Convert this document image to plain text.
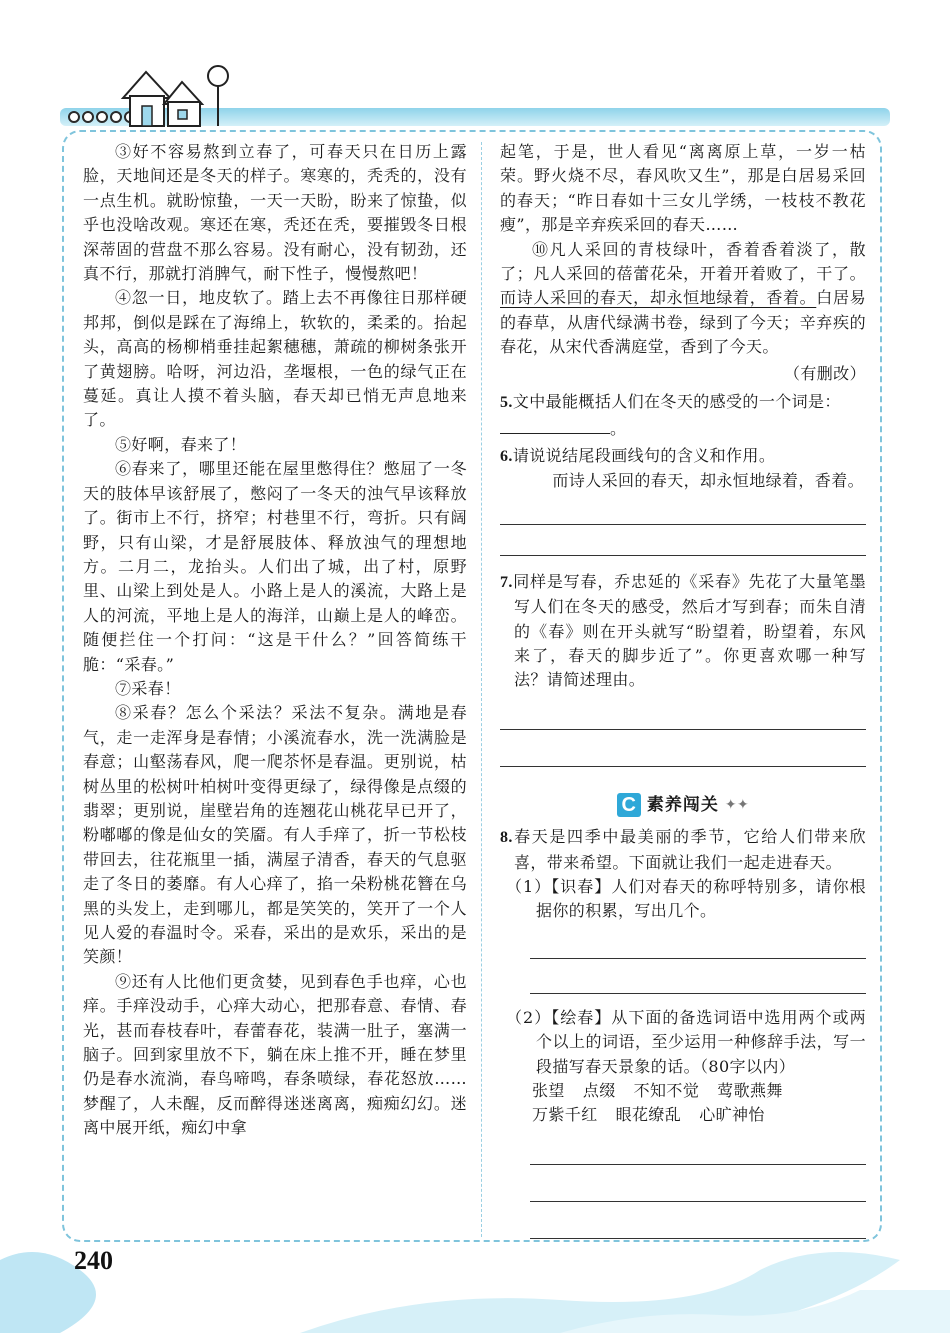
③好不容易熬到立春了，可春天只在日历上露脸，天地间还是冬天的样子。寒寒的，秃秃的，没有一点生机。就盼惊蛰，一天一天盼，盼来了惊蛰，似乎也没啥改观。寒还在寒，秃还在秃，要摧毁冬日根深蒂固的营盘不那么容易。没有耐心，没有韧劲，还真不行，那就打消脾气，耐下性子，慢慢熬吧！

④忽一日，地皮软了。踏上去不再像往日那样硬邦邦，倒似是踩在了海绵上，软软的，柔柔的。抬起头，高高的杨柳梢垂挂起絮穗穗，萧疏的柳树条张开了黄翅膀。哈呀，河边沿，垄堰根，一色的绿气正在蔓延。真让人摸不着头脑，春天却已悄无声息地来了。

⑤好啊，春来了！

⑥春来了，哪里还能在屋里憋得住？憋屈了一冬天的肢体早该舒展了，憋闷了一冬天的浊气早该释放了。街市上不行，挤窄；村巷里不行，弯折。只有阔野，只有山梁，才是舒展肢体、释放浊气的理想地方。二月二，龙抬头。人们出了城，出了村，原野里、山梁上到处是人。小路上是人的溪流，大路上是人的河流，平地上是人的海洋，山巅上是人的峰峦。随便拦住一个打问：“这是干什么？”回答简练干脆：“采春。”

⑦采春！

⑧采春？怎么个采法？采法不复杂。满地是春气，走一走浑身是春情；小溪流春水，洗一洗满脸是春意；山壑荡春风，爬一爬苶怀是春温。更别说，枯树丛里的松树叶柏树叶变得更绿了，绿得像是点缀的翡翠；更别说，崖壁岩角的连翘花山桃花早已开了，粉嘟嘟的像是仙女的笑靥。有人手痒了，折一节松枝带回去，往花瓶里一插，满屋子清香，春天的气息驱走了冬日的萎靡。有人心痒了，掐一朵粉桃花簪在乌黑的头发上，走到哪儿，都是笑笑的，笑开了一个人见人爱的春温时令。采春，采出的是欢乐，采出的是笑颜！

⑨还有人比他们更贪婪，见到春色手也痒，心也痒。手痒没动手，心痒大动心，把那春意、春情、春光，甚而春枝春叶，春蕾春花，装满一肚子，塞满一脑子。回到家里放不下，躺在床上推不开，睡在梦里仍是春水流淌，春鸟啼鸣，春条喷绿，春花怒放……梦醒了，人未醒，反而醉得迷迷离离，痴痴幻幻。迷离中展开纸，痴幻中拿

起笔，于是，世人看见“离离原上草，一岁一枯荣。野火烧不尽，春风吹又生”，那是白居易采回的春天；“昨日春如十三女儿学绣，一枝枝不教花瘦”，那是辛弃疾采回的春天……

⑩凡人采回的青枝绿叶，香着香着淡了，散了；凡人采回的蓓蕾花朵，开着开着败了，干了。而诗人采回的春天，却永恒地绿着，香着。白居易的春草，从唐代绿满书卷，绿到了今天；辛弃疾的春花，从宋代香满庭堂，香到了今天。

（有删改）

5.文中最能概括人们在冬天的感受的一个词是：

。

6.请说说结尾段画线句的含义和作用。

而诗人采回的春天，却永恒地绿着，香着。

7.同样是写春，乔忠延的《采春》先花了大量笔墨写人们在冬天的感受，然后才写到春；而朱自清的《春》则在开头就写“盼望着，盼望着，东风来了，春天的脚步近了”。你更喜欢哪一种写法？请简述理由。

C 素养闯关 ✦✦

8.春天是四季中最美丽的季节，它给人们带来欣喜，带来希望。下面就让我们一起走进春天。

（1）【识春】人们对春天的称呼特别多，请你根据你的积累，写出几个。

（2）【绘春】从下面的备选词语中选用两个或两个以上的词语，至少运用一种修辞手法，写一段描写春天景象的话。（80字以内）

张望 点缀 不知不觉 莺歌燕舞

万紫千红 眼花缭乱 心旷神怡

240
